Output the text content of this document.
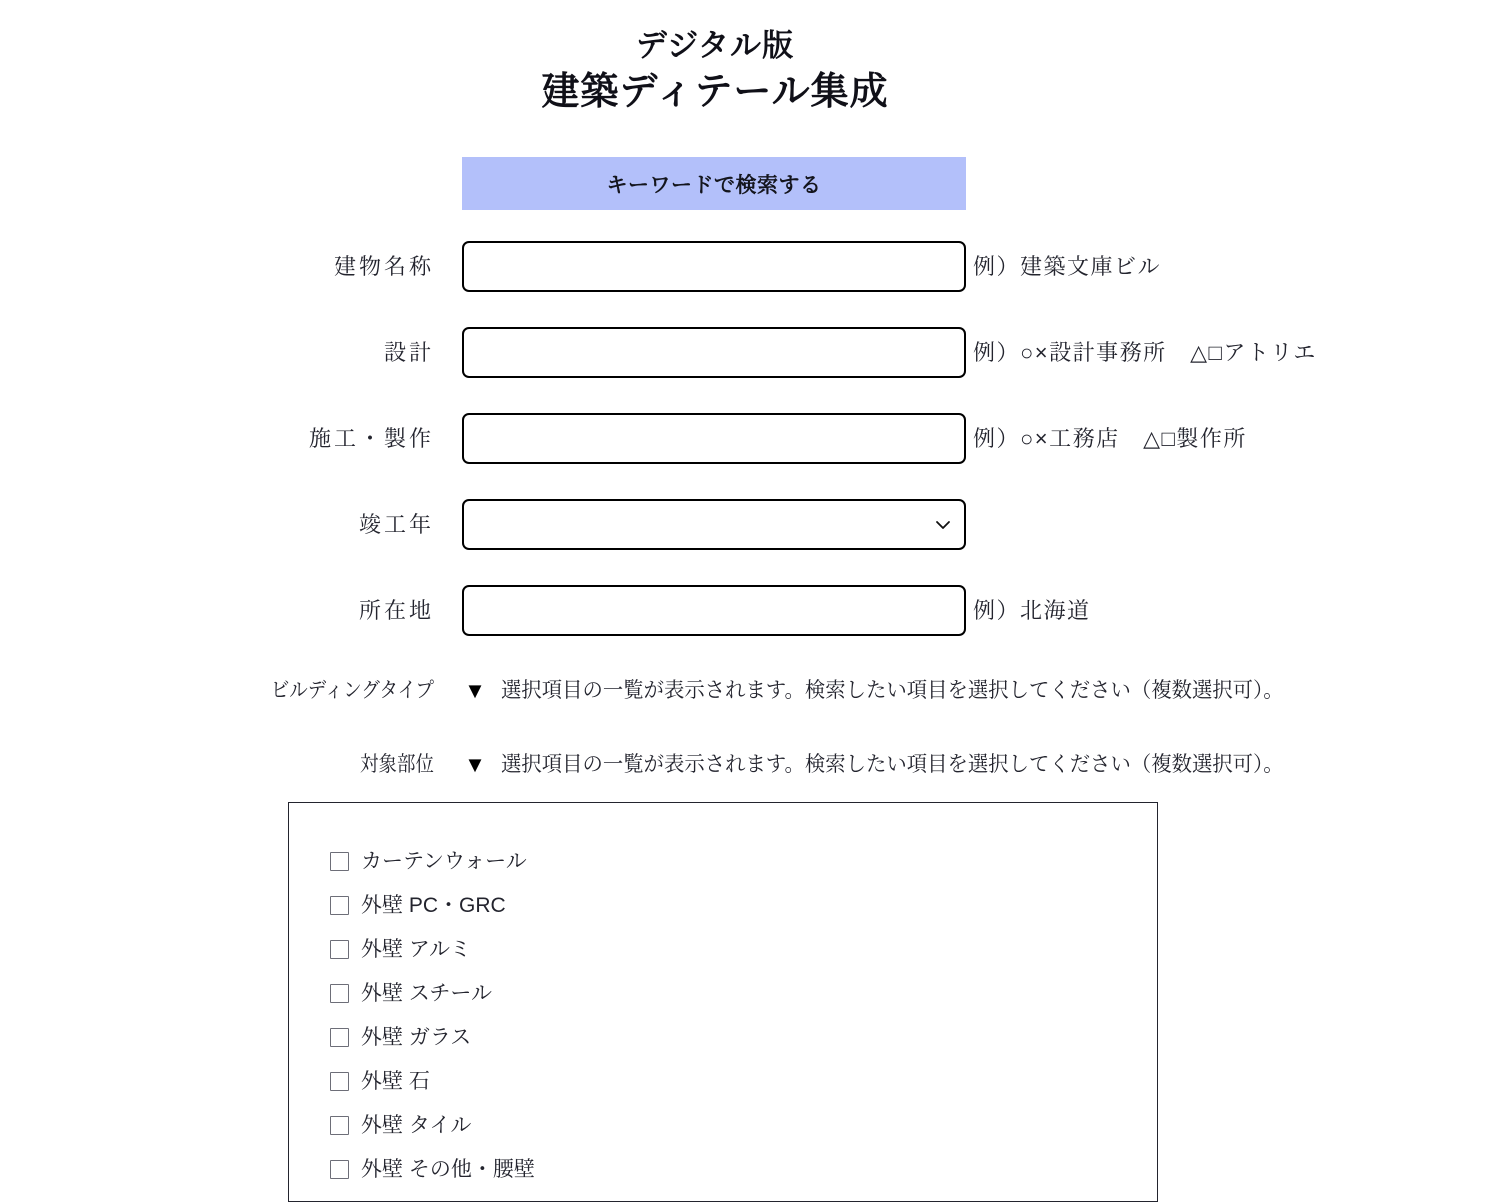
デジタル版
建築ディテール集成
キーワードで検索する
建物名称	例）建築文庫ビル
設計	例）○×設計事務所　△□アトリエ
施工・製作	例）○×工務店　△□製作所
竣工年
所在地	例）北海道
ビルディングタイプ ▼ 選択項目の一覧が表示されます。検索したい項目を選択してください（複数選択可）。
対象部位 ▼ 選択項目の一覧が表示されます。検索したい項目を選択してください（複数選択可）。
カーテンウォール
外壁 PC・GRC
外壁 アルミ
外壁 スチール
外壁 ガラス
外壁 石
外壁 タイル
外壁 その他・腰壁
